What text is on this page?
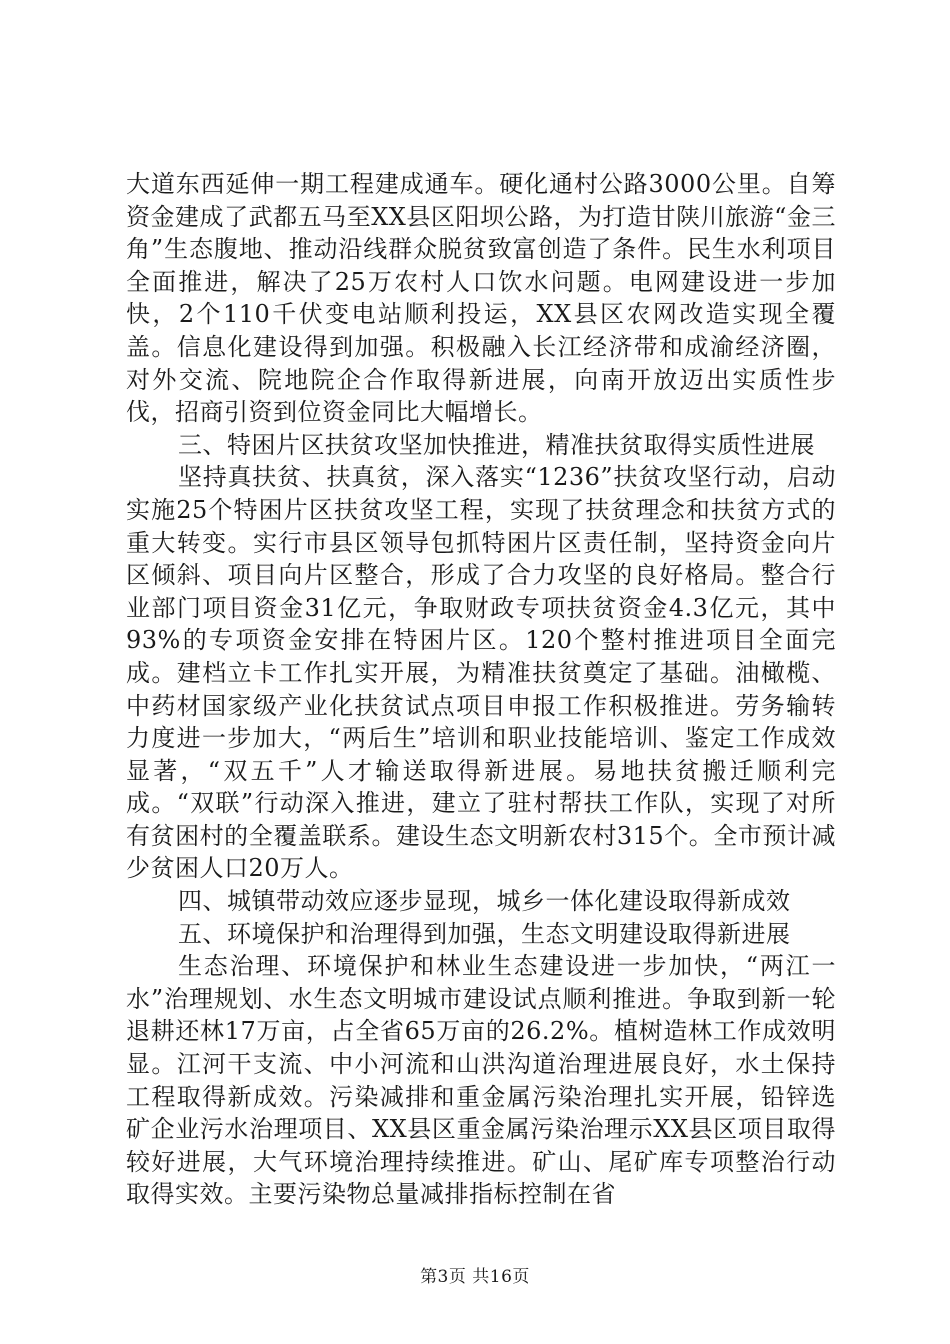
大道东西延伸一期工程建成通车。硬化通村公路3000公里。自筹资金建成了武都五马至XX县区阳坝公路，为打造甘陕川旅游“金三角”生态腹地、推动沿线群众脱贫致富创造了条件。民生水利项目全面推进，解决了25万农村人口饮水问题。电网建设进一步加快，2个110千伏变电站顺利投运，XX县区农网改造实现全覆盖。信息化建设得到加强。积极融入长江经济带和成渝经济圈，对外交流、院地院企合作取得新进展，向南开放迈出实质性步伐，招商引资到位资金同比大幅增长。

三、特困片区扶贫攻坚加快推进，精准扶贫取得实质性进展

坚持真扶贫、扶真贫，深入落实“1236”扶贫攻坚行动，启动实施25个特困片区扶贫攻坚工程，实现了扶贫理念和扶贫方式的重大转变。实行市县区领导包抓特困片区责任制，坚持资金向片区倾斜、项目向片区整合，形成了合力攻坚的良好格局。整合行业部门项目资金31亿元，争取财政专项扶贫资金4.3亿元，其中93%的专项资金安排在特困片区。120个整村推进项目全面完成。建档立卡工作扎实开展，为精准扶贫奠定了基础。油橄榄、中药材国家级产业化扶贫试点项目申报工作积极推进。劳务输转力度进一步加大，“两后生”培训和职业技能培训、鉴定工作成效显著，“双五千”人才输送取得新进展。易地扶贫搬迁顺利完成。“双联”行动深入推进，建立了驻村帮扶工作队，实现了对所有贫困村的全覆盖联系。建设生态文明新农村315个。全市预计减少贫困人口20万人。

四、城镇带动效应逐步显现，城乡一体化建设取得新成效

五、环境保护和治理得到加强，生态文明建设取得新进展

生态治理、环境保护和林业生态建设进一步加快，“两江一水”治理规划、水生态文明城市建设试点顺利推进。争取到新一轮退耕还林17万亩，占全省65万亩的26.2%。植树造林工作成效明显。江河干支流、中小河流和山洪沟道治理进展良好，水土保持工程取得新成效。污染减排和重金属污染治理扎实开展，铅锌选矿企业污水治理项目、XX县区重金属污染治理示XX县区项目取得较好进展，大气环境治理持续推进。矿山、尾矿库专项整治行动取得实效。主要污染物总量减排指标控制在省

第3页 共16页
